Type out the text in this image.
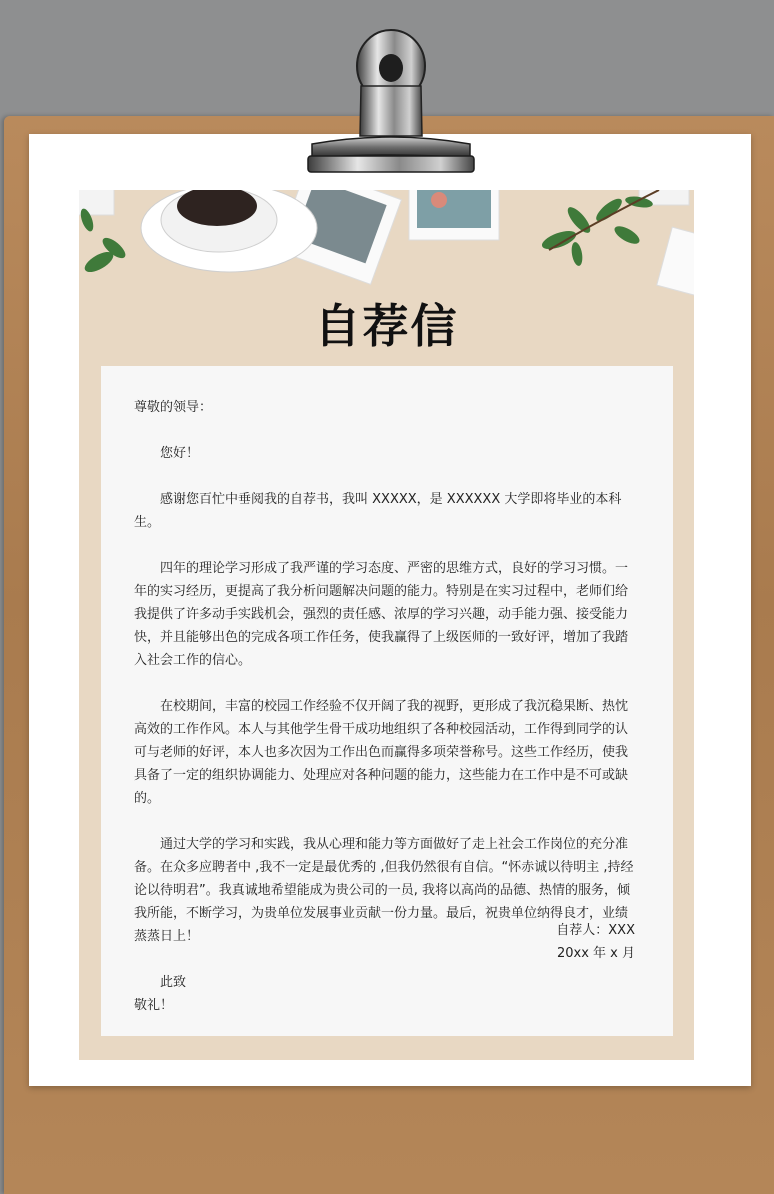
自荐信

尊敬的领导：

您好！

感谢您百忙中垂阅我的自荐书，我叫 XXXXX，是 XXXXXX 大学即将毕业的本科生。

四年的理论学习形成了我严谨的学习态度、严密的思维方式，良好的学习习惯。一年的实习经历，更提高了我分析问题解决问题的能力。特别是在实习过程中，老师们给我提供了许多动手实践机会，强烈的责任感、浓厚的学习兴趣，动手能力强、接受能力快，并且能够出色的完成各项工作任务，使我赢得了上级医师的一致好评，增加了我踏入社会工作的信心。

在校期间，丰富的校园工作经验不仅开阔了我的视野，更形成了我沉稳果断、热忱高效的工作作风。本人与其他学生骨干成功地组织了各种校园活动，工作得到同学的认可与老师的好评，本人也多次因为工作出色而赢得多项荣誉称号。这些工作经历，使我具备了一定的组织协调能力、处理应对各种问题的能力，这些能力在工作中是不可或缺的。

通过大学的学习和实践，我从心理和能力等方面做好了走上社会工作岗位的充分准备。在众多应聘者中 ,我不一定是最优秀的 ,但我仍然很有自信。“怀赤诚以待明主 ,持经论以待明君”。我真诚地希望能成为贵公司的一员, 我将以高尚的品德、热情的服务，倾我所能，不断学习，为贵单位发展事业贡献一份力量。最后，祝贵单位纳得良才，业绩蒸蒸日上！

此致

敬礼！

自荐人：XXX

20xx 年 x 月
